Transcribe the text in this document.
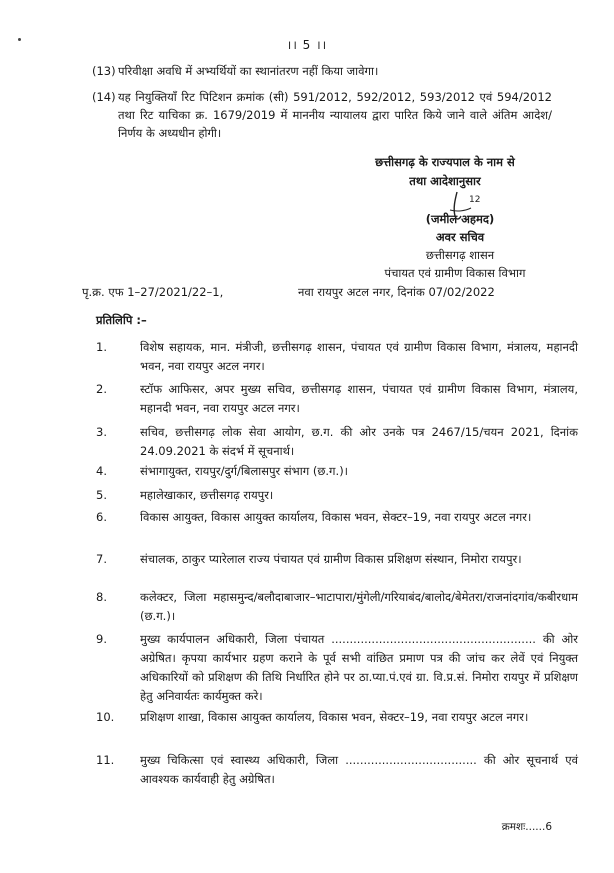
।। 5 ।।
(13) परिवीक्षा अवधि में अभ्यर्थियों का स्थानांतरण नहीं किया जावेगा।
(14) यह नियुक्तियाँ रिट पिटिशन क्रमांक (सी) 591/2012, 592/2012, 593/2012 एवं 594/2012 तथा रिट याचिका क्र. 1679/2019 में माननीय न्यायालय द्वारा पारित किये जाने वाले अंतिम आदेश/निर्णय के अध्यधीन होगी।
छत्तीसगढ़ के राज्यपाल के नाम से
तथा आदेशानुसार
12
(जमील अहमद)
अवर सचिव
छत्तीसगढ़ शासन
पंचायत एवं ग्रामीण विकास विभाग
पृ.क्र. एफ 1–27/2021/22–1,	नवा रायपुर अटल नगर, दिनांक 07/02/2022
प्रतिलिपि :–
1.	विशेष सहायक, मान. मंत्रीजी, छत्तीसगढ़ शासन, पंचायत एवं ग्रामीण विकास विभाग, मंत्रालय, महानदी भवन, नवा रायपुर अटल नगर।
2.	स्टॉफ आफिसर, अपर मुख्य सचिव, छत्तीसगढ़ शासन, पंचायत एवं ग्रामीण विकास विभाग, मंत्रालय, महानदी भवन, नवा रायपुर अटल नगर।
3.	सचिव, छत्तीसगढ़ लोक सेवा आयोग, छ.ग. की ओर उनके पत्र 2467/15/चयन 2021, दिनांक 24.09.2021 के संदर्भ में सूचनार्थ।
4.	संभागायुक्त, रायपुर/दुर्ग/बिलासपुर संभाग (छ.ग.)।
5.	महालेखाकार, छत्तीसगढ़ रायपुर।
6.	विकास आयुक्त, विकास आयुक्त कार्यालय, विकास भवन, सेक्टर–19, नवा रायपुर अटल नगर।
7.	संचालक, ठाकुर प्यारेलाल राज्य पंचायत एवं ग्रामीण विकास प्रशिक्षण संस्थान, निमोरा रायपुर।
8.	कलेक्टर, जिला महासमुन्द/बलौदाबाजार–भाटापारा/मुंगेली/गरियाबंद/बालोद/बेमेतरा/राजनांदगांव/कबीरधाम (छ.ग.)।
9.	मुख्य कार्यपालन अधिकारी, जिला पंचायत ........................................................ की ओर अग्रेषित। कृपया कार्यभार ग्रहण कराने के पूर्व सभी वांछित प्रमाण पत्र की जांच कर लेवें एवं नियुक्त अधिकारियों को प्रशिक्षण की तिथि निर्धारित होने पर ठा.प्या.पं.एवं ग्रा. वि.प्र.सं. निमोरा रायपुर में प्रशिक्षण हेतु अनिवार्यतः कार्यमुक्त करे।
10.	प्रशिक्षण शाखा, विकास आयुक्त कार्यालय, विकास भवन, सेक्टर–19, नवा रायपुर अटल नगर।
11.	मुख्य चिकित्सा एवं स्वास्थ्य अधिकारी, जिला .................................... की ओर सूचनार्थ एवं आवश्यक कार्यवाही हेतु अग्रेषित।
क्रमशः......6
